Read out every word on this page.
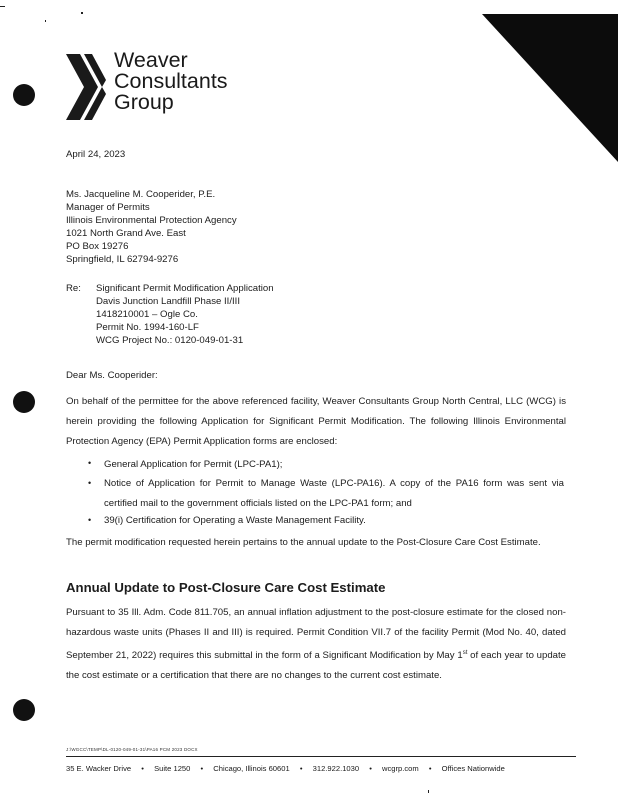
Weaver
Consultants
Group
April 24, 2023
Ms. Jacqueline M. Cooperider, P.E.
Manager of Permits
Illinois Environmental Protection Agency
1021 North Grand Ave. East
PO Box 19276
Springfield, IL 62794-9276
Re: Significant Permit Modification Application
Davis Junction Landfill Phase II/III
1418210001 – Ogle Co.
Permit No. 1994-160-LF
WCG Project No.: 0120-049-01-31
Dear Ms. Cooperider:
On behalf of the permittee for the above referenced facility, Weaver Consultants Group North Central, LLC (WCG) is herein providing the following Application for Significant Permit Modification. The following Illinois Environmental Protection Agency (EPA) Permit Application forms are enclosed:
• General Application for Permit (LPC-PA1);
• Notice of Application for Permit to Manage Waste (LPC-PA16). A copy of the PA16 form was sent via certified mail to the government officials listed on the LPC-PA1 form; and
• 39(i) Certification for Operating a Waste Management Facility.
The permit modification requested herein pertains to the annual update to the Post-Closure Care Cost Estimate.
Annual Update to Post-Closure Care Cost Estimate
Pursuant to 35 Ill. Adm. Code 811.705, an annual inflation adjustment to the post-closure estimate for the closed non-hazardous waste units (Phases II and III) is required. Permit Condition VII.7 of the facility Permit (Mod No. 40, dated September 21, 2022) requires this submittal in the form of a Significant Modification by May 1st of each year to update the cost estimate or a certification that there are no changes to the current cost estimate.
J:\WGCC\TEMP\DL-0120-049-01-31\PA16 PCM 2023 DOCX
35 E. Wacker Drive • Suite 1250 • Chicago, Illinois 60601 • 312.922.1030 • wcgrp.com • Offices Nationwide
